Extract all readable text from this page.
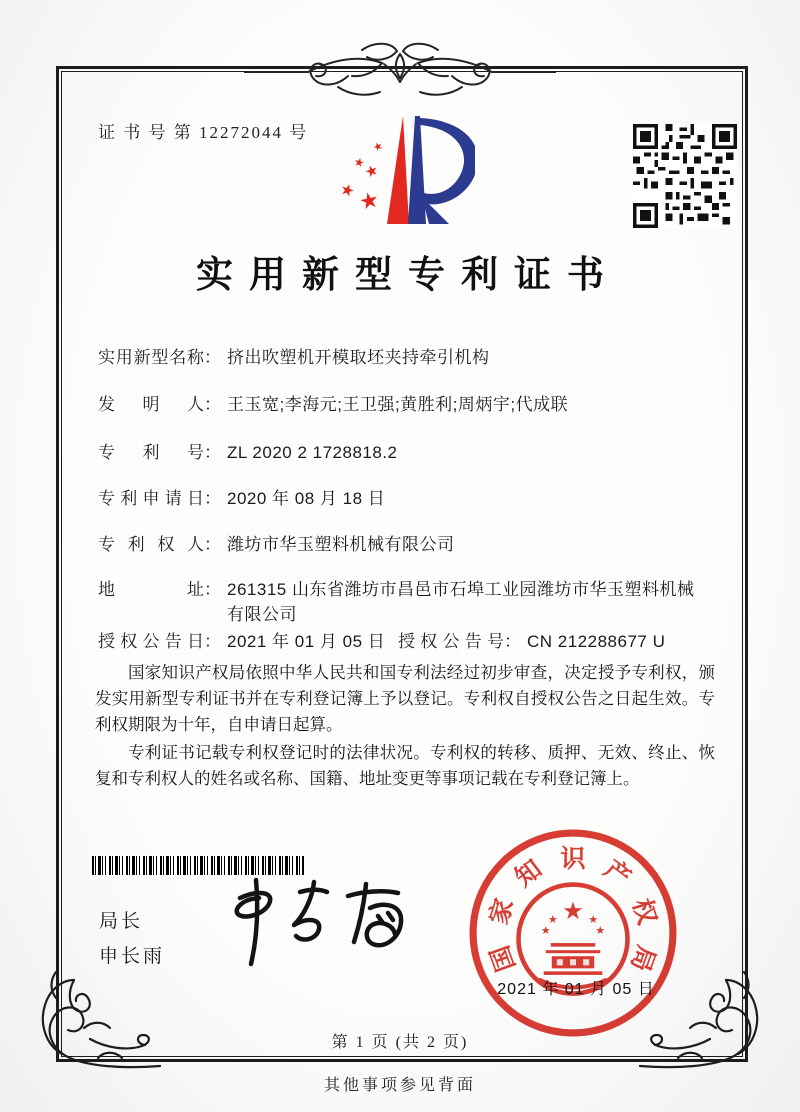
证 书 号 第 12272044 号
★
★
★
★
★
实用新型专利证书
实用新型名称： 挤出吹塑机开模取坯夹持牵引机构
发明人： 王玉宽;李海元;王卫强;黄胜利;周炳宇;代成联
专利号： ZL 2020 2 1728818.2
专利申请日： 2020 年 08 月 18 日
专利权人： 潍坊市华玉塑料机械有限公司
地址： 261315 山东省潍坊市昌邑市石埠工业园潍坊市华玉塑料机械有限公司
授权公告日： 2021 年 01 月 05 日 授权公告号： CN 212288677 U

国家知识产权局依照中华人民共和国专利法经过初步审查，决定授予专利权，颁发实用新型专利证书并在专利登记簿上予以登记。专利权自授权公告之日起生效。专利权期限为十年，自申请日起算。

专利证书记载专利权登记时的法律状况。专利权的转移、质押、无效、终止、恢复和专利权人的姓名或名称、国籍、地址变更等事项记载在专利登记簿上。

局长
申长雨	国
家
知 识 产
权
局
★
★	★
★	★
2021 年 01 月 05 日
第 1 页 (共 2 页)
其他事项参见背面
